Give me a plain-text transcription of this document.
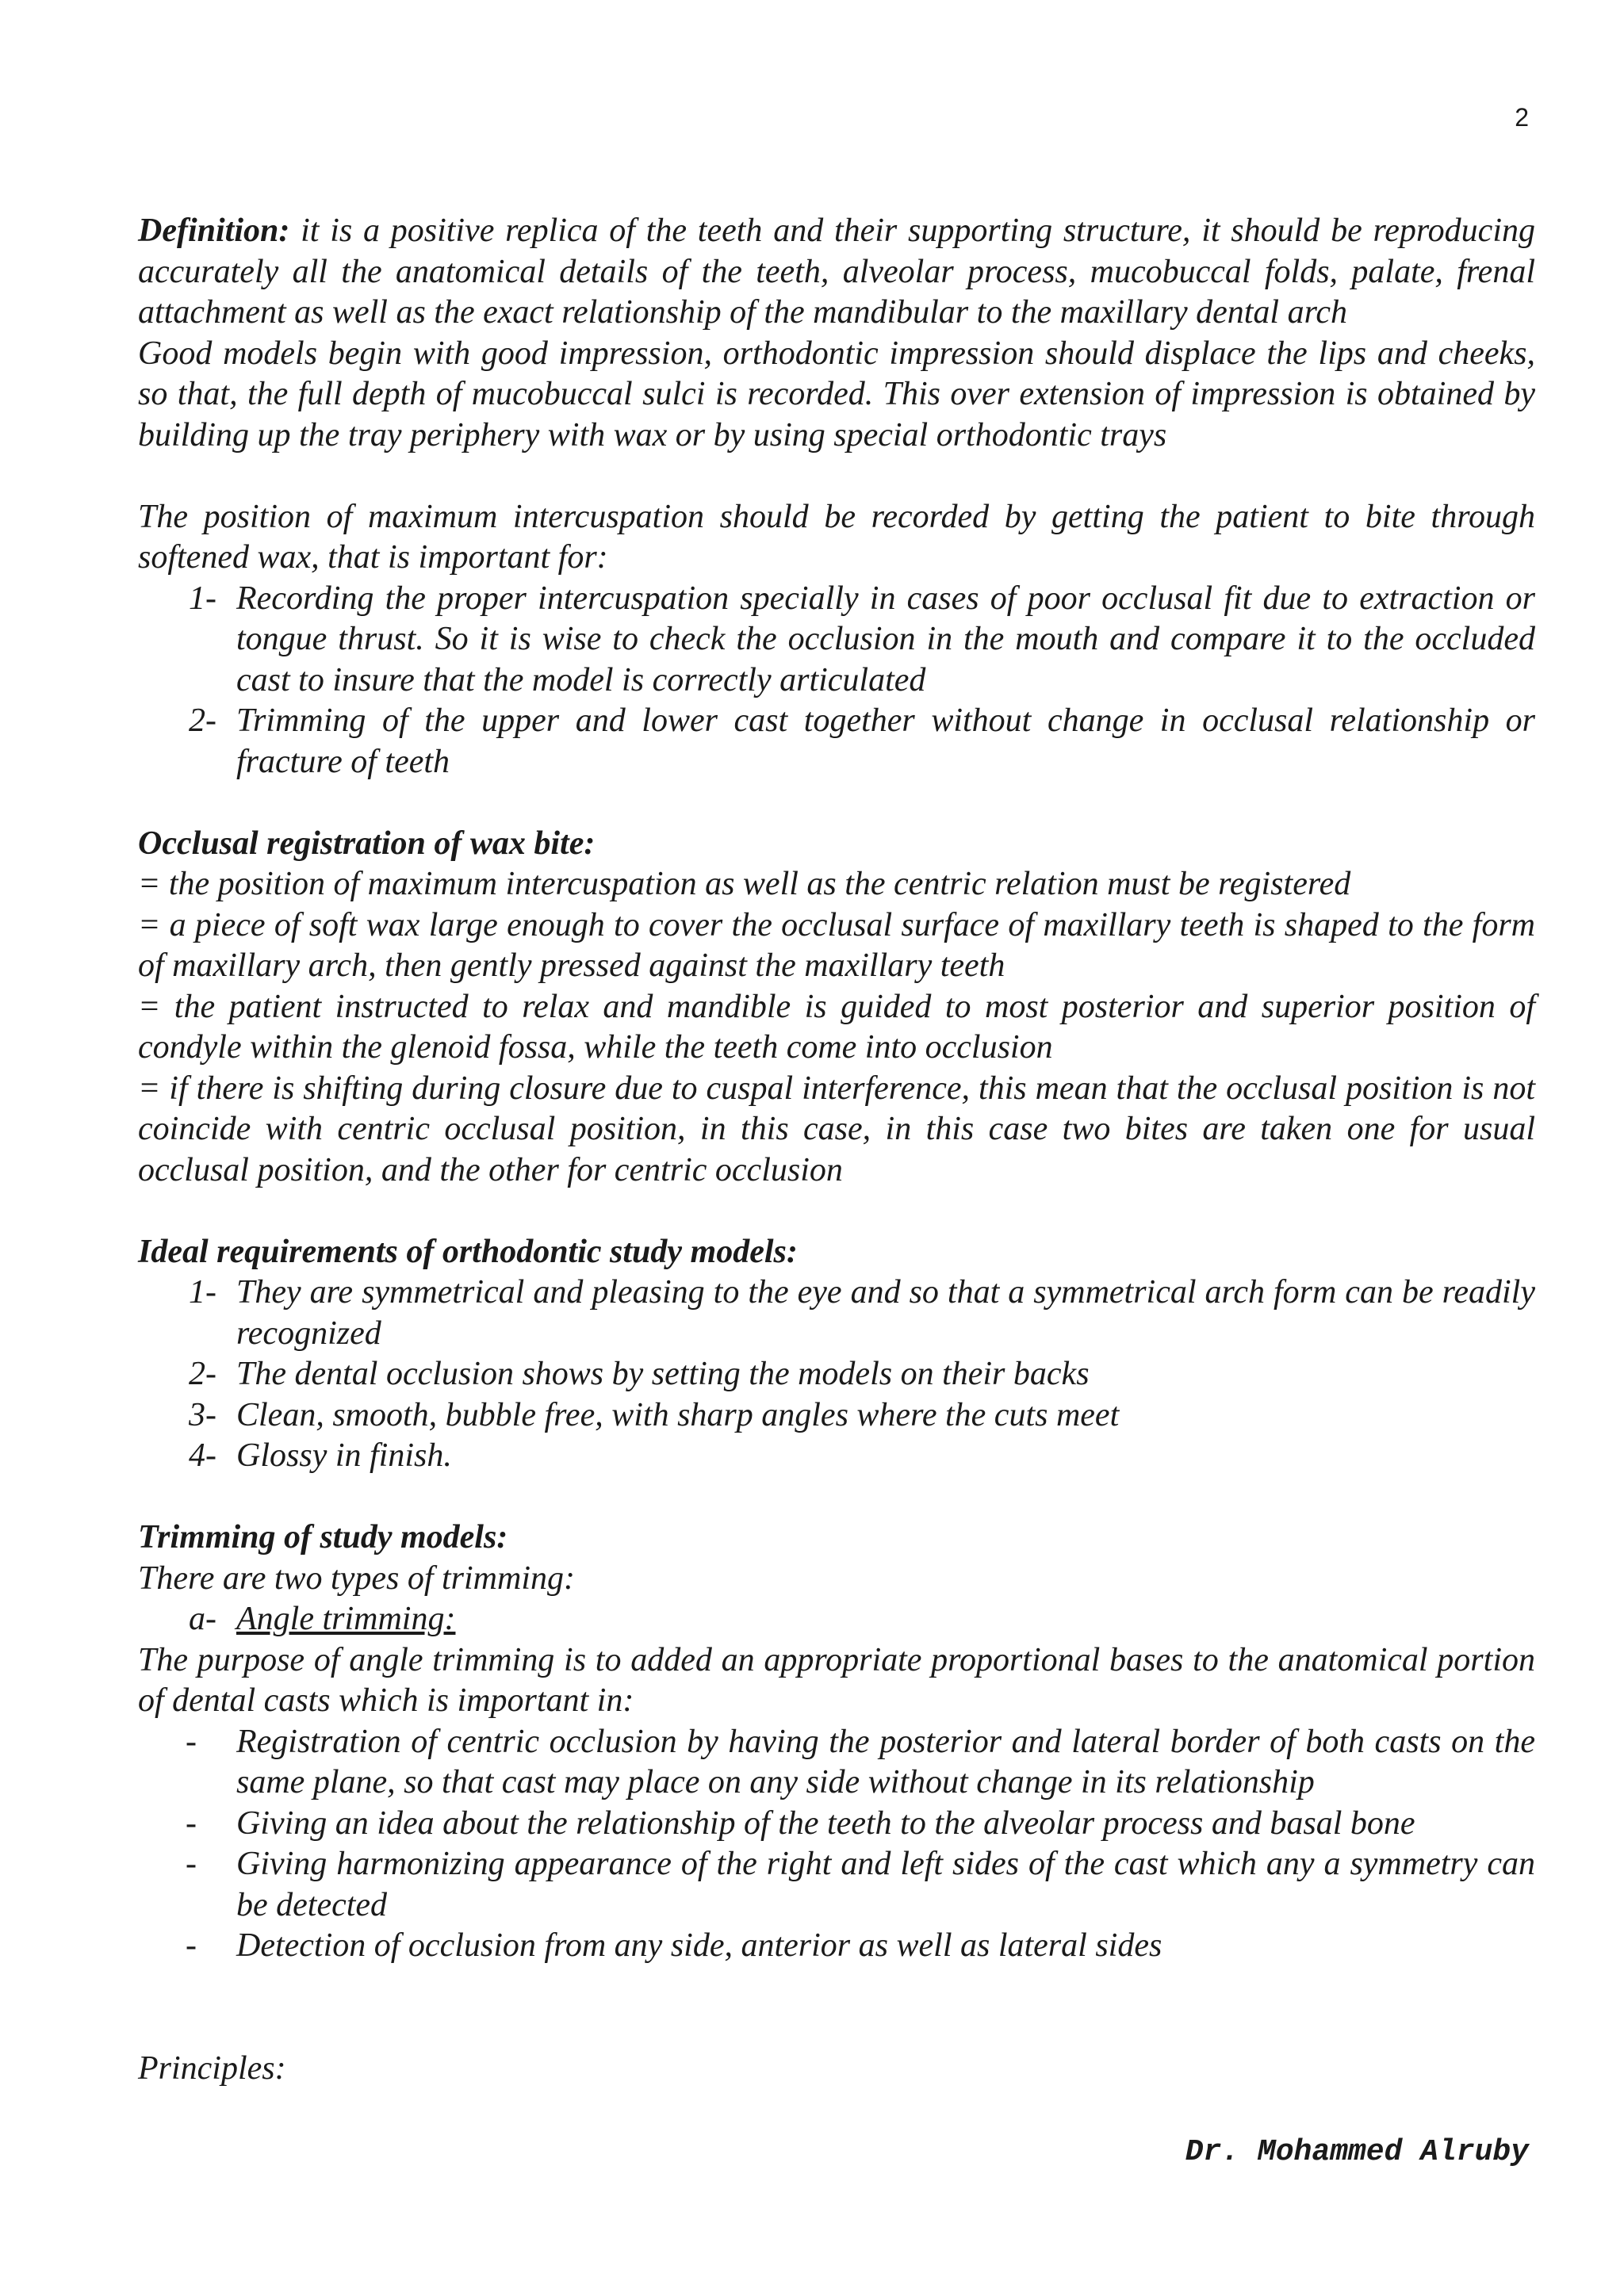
2

Definition: it is a positive replica of the teeth and their supporting structure, it should be reproducing accurately all the anatomical details of the teeth, alveolar process, mucobuccal folds, palate, frenal attachment as well as the exact relationship of the mandibular to the maxillary dental arch

Good models begin with good impression, orthodontic impression should displace the lips and cheeks, so that, the full depth of mucobuccal sulci is recorded. This over extension of impression is obtained by building up the tray periphery with wax or by using special orthodontic trays

The position of maximum intercuspation should be recorded by getting the patient to bite through softened wax, that is important for:

1- Recording the proper intercuspation specially in cases of poor occlusal fit due to extraction or tongue thrust. So it is wise to check the occlusion in the mouth and compare it to the occluded cast to insure that the model is correctly articulated
2- Trimming of the upper and lower cast together without change in occlusal relationship or fracture of teeth

Occlusal registration of wax bite:

= the position of maximum intercuspation as well as the centric relation must be registered

= a piece of soft wax large enough to cover the occlusal surface of maxillary teeth is shaped to the form of maxillary arch, then gently pressed against the maxillary teeth

= the patient instructed to relax and mandible is guided to most posterior and superior position of condyle within the glenoid fossa, while the teeth come into occlusion

= if there is shifting during closure due to cuspal interference, this mean that the occlusal position is not coincide with centric occlusal position, in this case, in this case two bites are taken one for usual occlusal position, and the other for centric occlusion

Ideal requirements of orthodontic study models:

1- They are symmetrical and pleasing to the eye and so that a symmetrical arch form can be readily recognized
2- The dental occlusion shows by setting the models on their backs
3- Clean, smooth, bubble free, with sharp angles where the cuts meet
4- Glossy in finish.

Trimming of study models:

There are two types of trimming:

a- Angle trimming:

The purpose of angle trimming is to added an appropriate proportional bases to the anatomical portion of dental casts which is important in:

- Registration of centric occlusion by having the posterior and lateral border of both casts on the same plane, so that cast may place on any side without change in its relationship
- Giving an idea about the relationship of the teeth to the alveolar process and basal bone
- Giving harmonizing appearance of the right and left sides of the cast which any a symmetry can be detected
- Detection of occlusion from any side, anterior as well as lateral sides

Principles:

Dr. Mohammed Alruby
